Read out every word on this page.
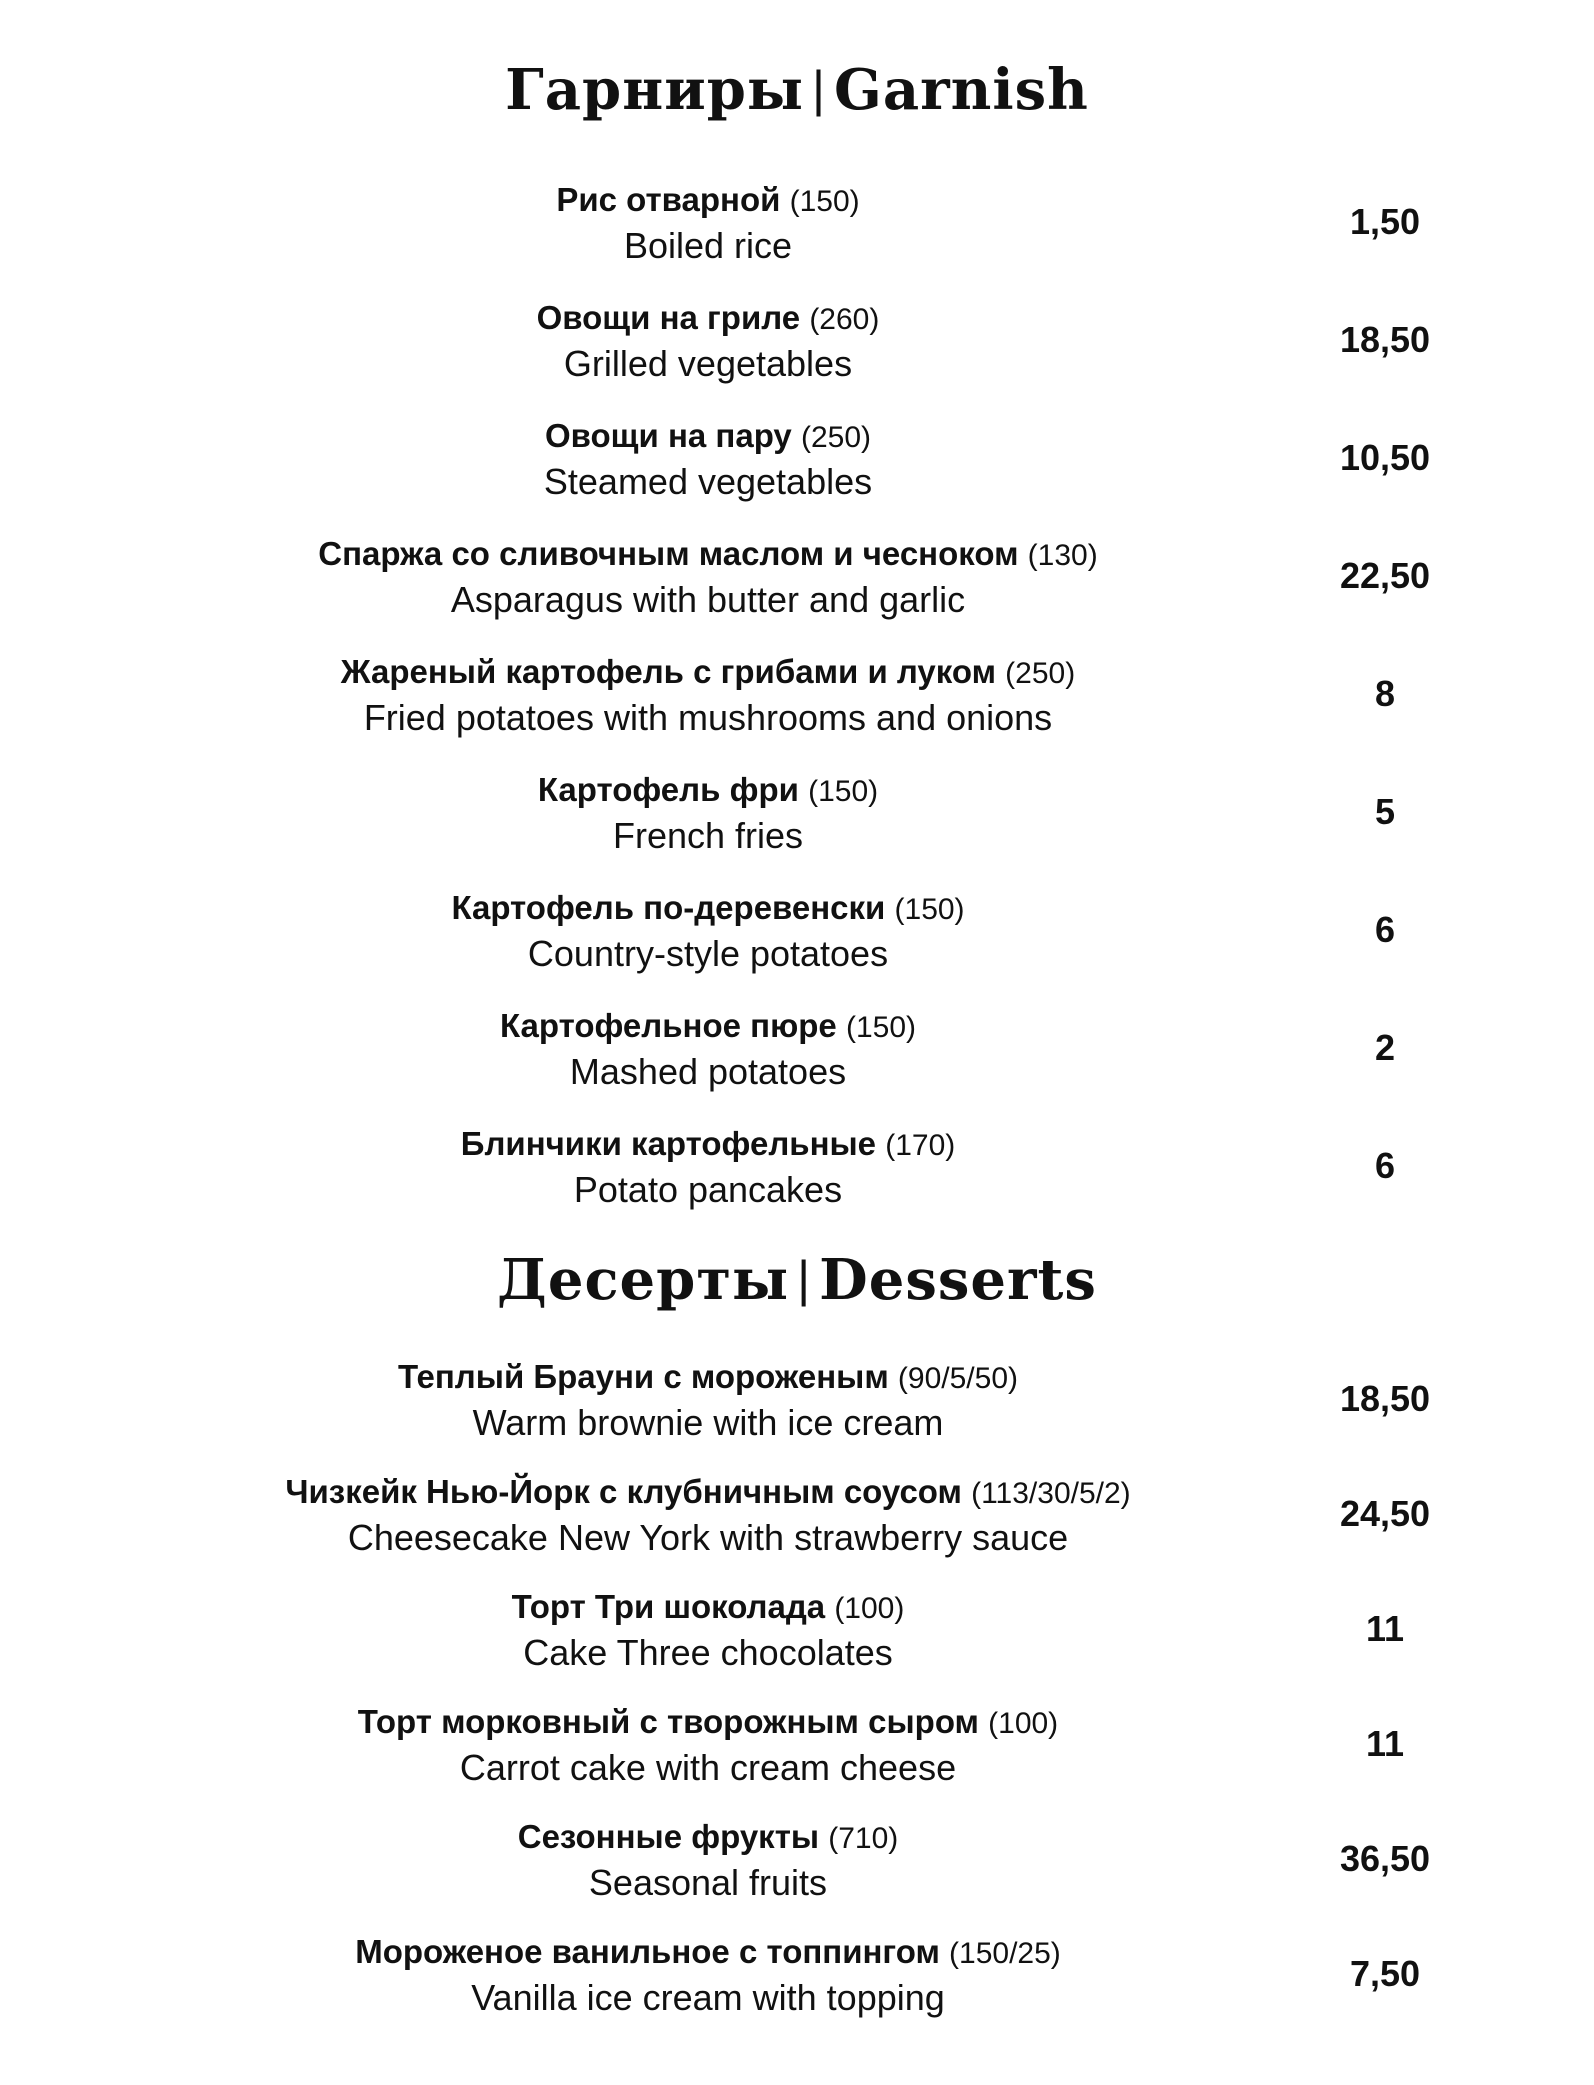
Гарниры | Garnish
Рис отварной (150)
Boiled rice
1,50
Овощи на гриле (260)
Grilled vegetables
18,50
Овощи на пару (250)
Steamed vegetables
10,50
Спаржа со сливочным маслом и чесноком (130)
Asparagus with butter and garlic
22,50
Жареный картофель с грибами и луком (250)
Fried potatoes with mushrooms and onions
8
Картофель фри (150)
French fries
5
Картофель по-деревенски (150)
Country-style potatoes
6
Картофельное пюре (150)
Mashed potatoes
2
Блинчики картофельные (170)
Potato pancakes
6
Десерты | Desserts
Теплый Брауни с мороженым (90/5/50)
Warm brownie with ice cream
18,50
Чизкейк Нью-Йорк с клубничным соусом (113/30/5/2)
Cheesecake New York with strawberry sauce
24,50
Торт Три шоколада (100)
Cake Three chocolates
11
Торт морковный с творожным сыром (100)
Carrot cake with cream cheese
11
Сезонные фрукты (710)
Seasonal fruits
36,50
Мороженое ванильное с топпингом (150/25)
Vanilla ice cream with topping
7,50
